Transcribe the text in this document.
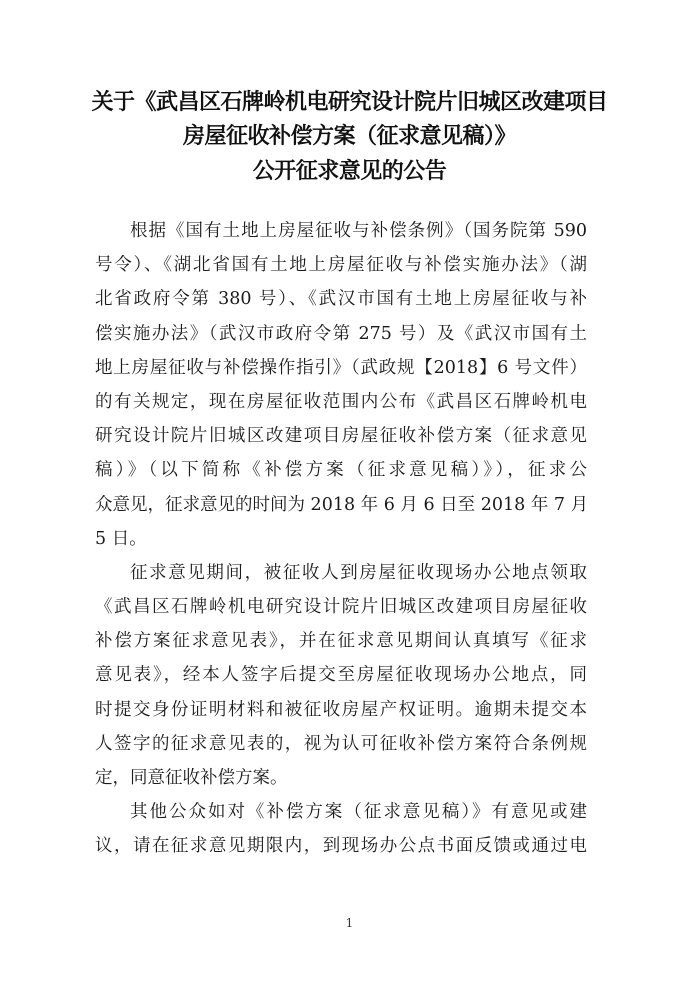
关于《武昌区石牌岭机电研究设计院片旧城区改建项目
房屋征收补偿方案（征求意见稿）》
公开征求意见的公告
根据《国有土地上房屋征收与补偿条例》（国务院第 590
号令）、《湖北省国有土地上房屋征收与补偿实施办法》（湖
北省政府令第 380 号）、《武汉市国有土地上房屋征收与补
偿实施办法》（武汉市政府令第 275 号）及《武汉市国有土
地上房屋征收与补偿操作指引》（武政规【2018】6 号文件）
的有关规定，现在房屋征收范围内公布《武昌区石牌岭机电
研究设计院片旧城区改建项目房屋征收补偿方案（征求意见
稿）》（以下简称《补偿方案（征求意见稿）》），征求公
众意见，征求意见的时间为 2018 年 6 月 6 日至 2018 年 7 月
5 日。
征求意见期间，被征收人到房屋征收现场办公地点领取
《武昌区石牌岭机电研究设计院片旧城区改建项目房屋征收
补偿方案征求意见表》，并在征求意见期间认真填写《征求
意见表》，经本人签字后提交至房屋征收现场办公地点，同
时提交身份证明材料和被征收房屋产权证明。逾期未提交本
人签字的征求意见表的，视为认可征收补偿方案符合条例规
定，同意征收补偿方案。
其他公众如对《补偿方案（征求意见稿）》有意见或建
议，请在征求意见期限内，到现场办公点书面反馈或通过电
1
